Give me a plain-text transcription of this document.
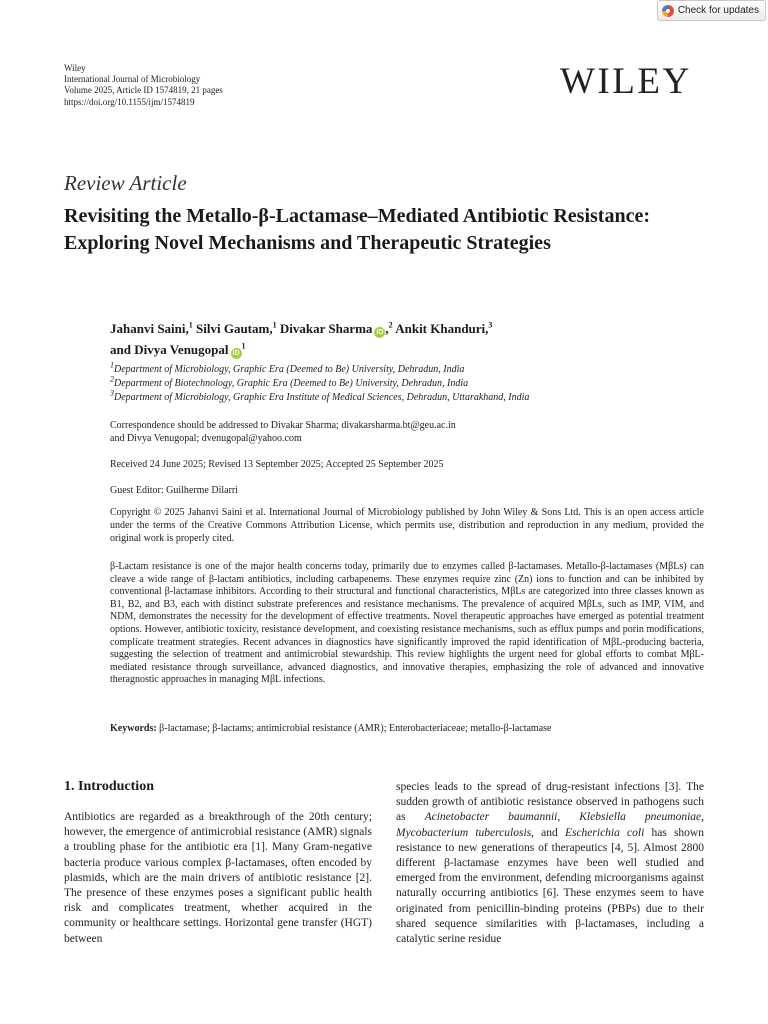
Check for updates
Wiley
International Journal of Microbiology
Volume 2025, Article ID 1574819, 21 pages
https://doi.org/10.1155/ijm/1574819	WILEY
Review Article
Revisiting the Metallo-β-Lactamase–Mediated Antibiotic Resistance: Exploring Novel Mechanisms and Therapeutic Strategies
Jahanvi Saini,$^1$ Silvi Gautam,$^1$ Divakar Sharma iD ,$^2$ Ankit Khanduri,$^3$
and Divya Venugopal $iD^1$
$^1$Department of Microbiology, Graphic Era (Deemed to Be) University, Dehradun, India
$^2$Department of Biotechnology, Graphic Era (Deemed to Be) University, Dehradun, India
$^3$Department of Microbiology, Graphic Era Institute of Medical Sciences, Dehradun, Uttarakhand, India
Correspondence should be addressed to Divakar Sharma; divakarsharma.bt@geu.ac.in
and Divya Venugopal; dvenugopal@yahoo.com
Received 24 June 2025; Revised 13 September 2025; Accepted 25 September 2025
Guest Editor: Guilherme Dilarri
Copyright © 2025 Jahanvi Saini et al. International Journal of Microbiology published by John Wiley & Sons Ltd. This is an open access article under the terms of the Creative Commons Attribution License, which permits use, distribution and reproduction in any medium, provided the original work is properly cited.
β-Lactam resistance is one of the major health concerns today, primarily due to enzymes called β-lactamases. Metallo-β-lactamases (MβLs) can cleave a wide range of β-lactam antibiotics, including carbapenems. These enzymes require zinc (Zn) ions to function and can be inhibited by conventional β-lactamase inhibitors. According to their structural and functional characteristics, MβLs are categorized into three classes known as B1, B2, and B3, each with distinct substrate preferences and resistance mechanisms. The prevalence of acquired MβLs, such as IMP, VIM, and NDM, demonstrates the necessity for the development of effective treatments. Novel therapeutic approaches have emerged as potential treatment options. However, antibiotic toxicity, resistance development, and coexisting resistance mechanisms, such as efflux pumps and porin modifications, complicate treatment strategies. Recent advances in diagnostics have significantly improved the rapid identification of MβL-producing bacteria, suggesting the selection of treatment and antimicrobial stewardship. This review highlights the urgent need for global efforts to combat MβL-mediated resistance through surveillance, advanced diagnostics, and innovative therapies, emphasizing the role of advanced and innovative theragnostic approaches in managing MβL infections.
Keywords: β-lactamase; β-lactams; antimicrobial resistance (AMR); Enterobacteriaceae; metallo-β-lactamase
1. Introduction
Antibiotics are regarded as a breakthrough of the 20th century; however, the emergence of antimicrobial resistance (AMR) signals a troubling phase for the antibiotic era [1]. Many Gram-negative bacteria produce various complex β-lactamases, often encoded by plasmids, which are the main drivers of antibiotic resistance [2]. The presence of these enzymes poses a significant public health risk and complicates treatment, whether acquired in the community or healthcare settings. Horizontal gene transfer (HGT) between
species leads to the spread of drug-resistant infections [3]. The sudden growth of antibiotic resistance observed in pathogens such as Acinetobacter baumannii, Klebsiella pneumoniae, Mycobacterium tuberculosis, and Escherichia coli has shown resistance to new generations of therapeutics [4, 5]. Almost 2800 different β-lactamase enzymes have been well studied and emerged from the environment, defending microorganisms against naturally occurring antibiotics [6]. These enzymes seem to have originated from penicillin-binding proteins (PBPs) due to their shared sequence similarities with β-lactamases, including a catalytic serine residue
